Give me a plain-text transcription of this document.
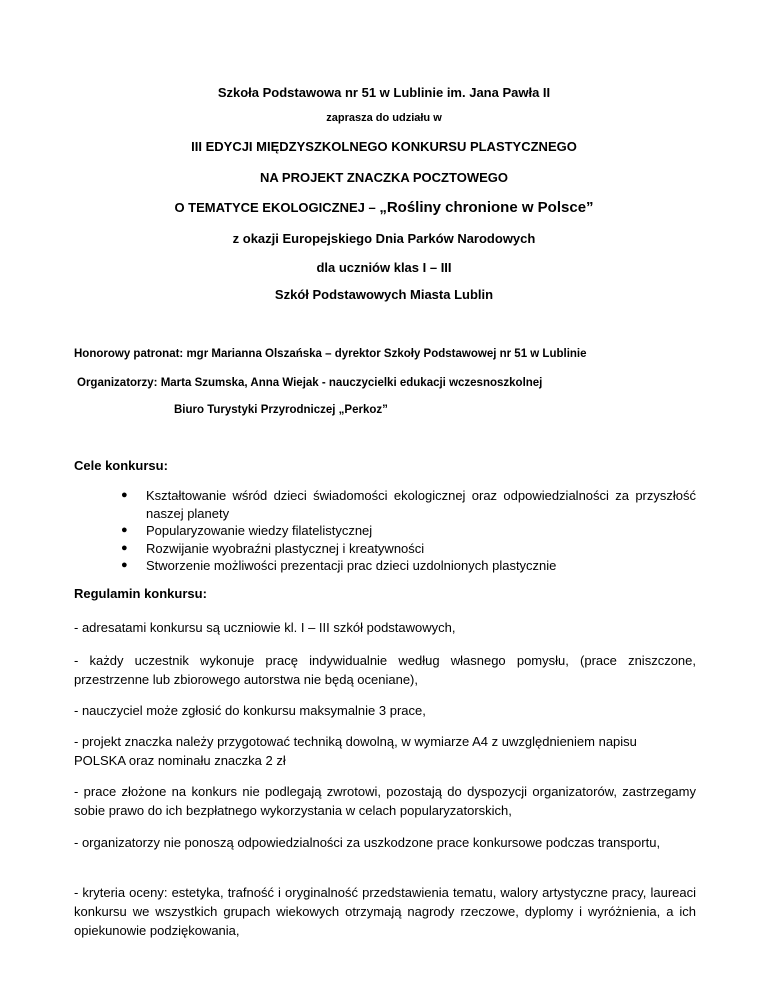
Szkoła Podstawowa nr 51 w Lublinie im. Jana Pawła II
zaprasza do udziału w
III EDYCJI MIĘDZYSZKOLNEGO KONKURSU PLASTYCZNEGO
NA PROJEKT ZNACZKA POCZTOWEGO
O TEMATYCE EKOLOGICZNEJ – „Rośliny chronione w Polsce”
z okazji Europejskiego Dnia Parków Narodowych
dla uczniów klas I – III
Szkół Podstawowych Miasta Lublin
Honorowy patronat: mgr Marianna Olszańska – dyrektor Szkoły Podstawowej nr 51 w Lublinie
Organizatorzy: Marta Szumska, Anna Wiejak - nauczycielki edukacji wczesnoszkolnej
Biuro Turystyki Przyrodniczej „Perkoz”
Cele konkursu:
● Kształtowanie wśród dzieci świadomości ekologicznej oraz odpowiedzialności za przyszłość naszej planety
● Popularyzowanie wiedzy filatelistycznej
● Rozwijanie wyobraźni plastycznej i kreatywności
● Stworzenie możliwości prezentacji prac dzieci uzdolnionych plastycznie
Regulamin konkursu:
- adresatami konkursu są uczniowie kl. I – III szkół podstawowych,
- każdy uczestnik wykonuje pracę indywidualnie według własnego pomysłu, (prace zniszczone, przestrzenne lub zbiorowego autorstwa nie będą oceniane),
- nauczyciel może zgłosić do konkursu maksymalnie 3 prace,
- projekt znaczka należy przygotować techniką dowolną, w wymiarze A4 z uwzględnieniem napisu POLSKA oraz nominału znaczka 2 zł
- prace złożone na konkurs nie podlegają zwrotowi, pozostają do dyspozycji organizatorów, zastrzegamy sobie prawo do ich bezpłatnego wykorzystania w celach popularyzatorskich,
- organizatorzy nie ponoszą odpowiedzialności za uszkodzone prace konkursowe podczas transportu,
- kryteria oceny: estetyka, trafność i oryginalność przedstawienia tematu, walory artystyczne pracy, laureaci konkursu we wszystkich grupach wiekowych otrzymają nagrody rzeczowe, dyplomy i wyróżnienia, a ich opiekunowie podziękowania,
